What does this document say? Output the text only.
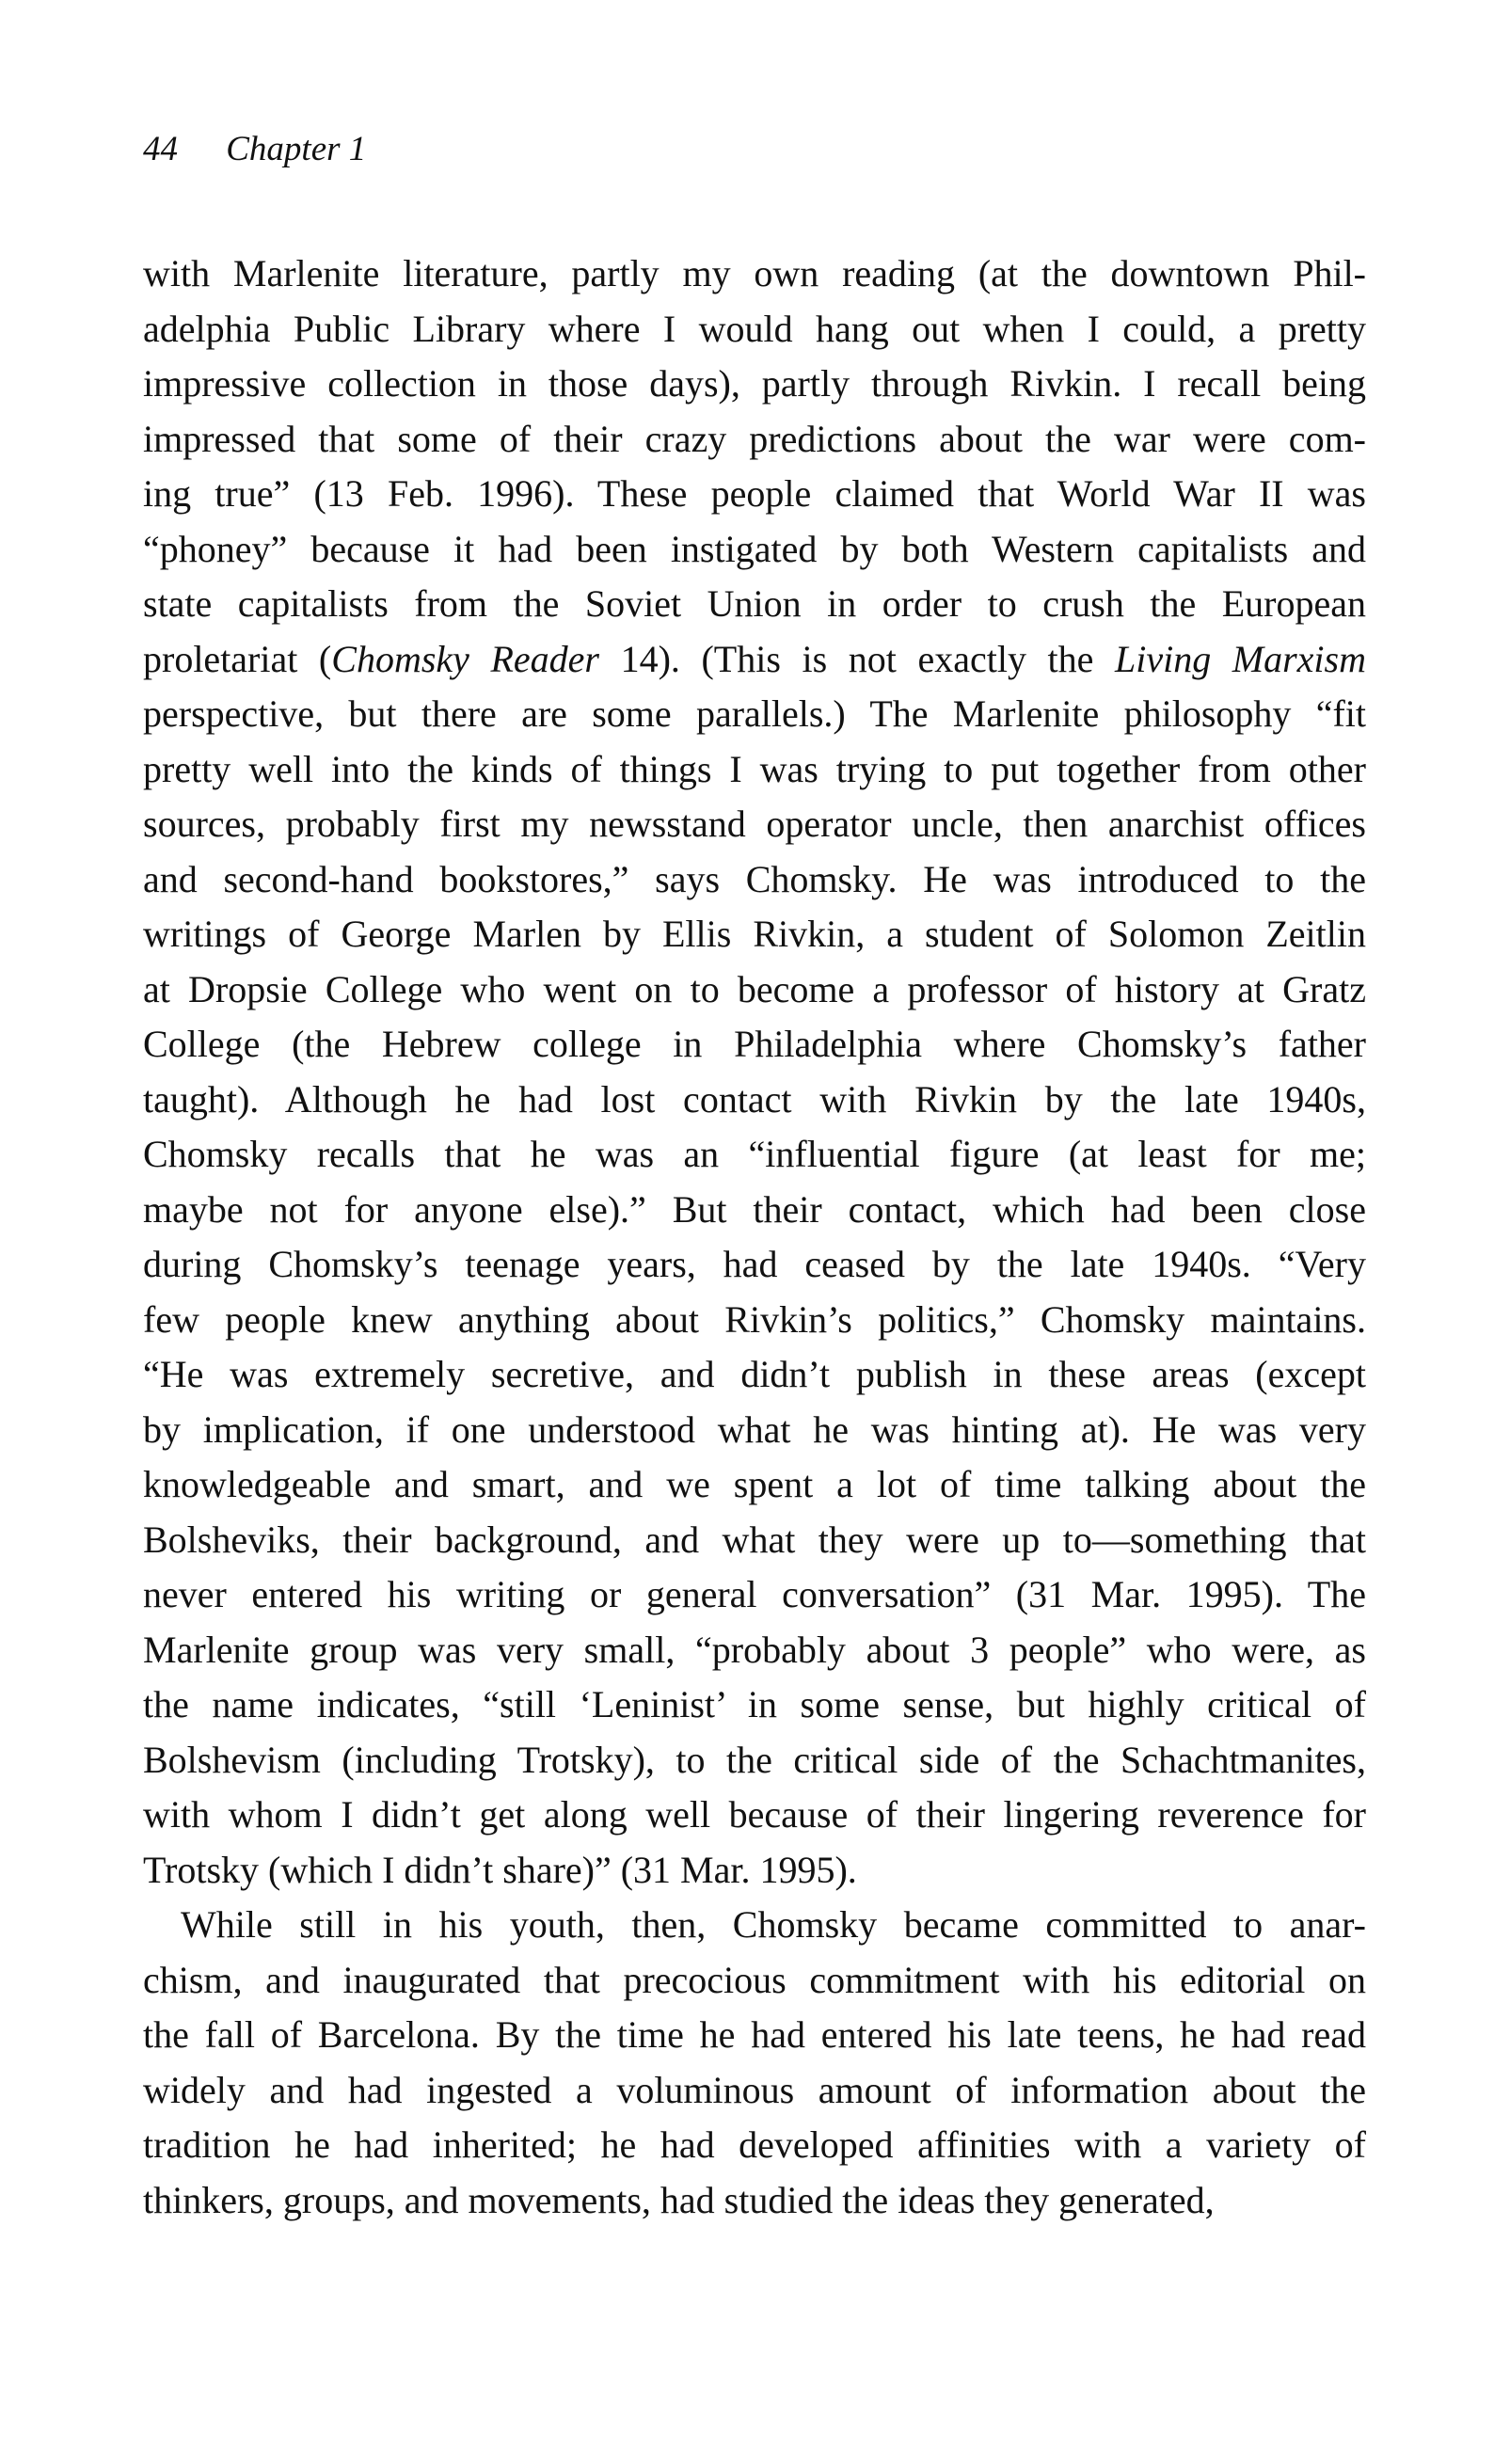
44 Chapter 1

with Marlenite literature, partly my own reading (at the downtown Phil-
adelphia Public Library where I would hang out when I could, a pretty
impressive collection in those days), partly through Rivkin. I recall being
impressed that some of their crazy predictions about the war were com-
ing true” (13 Feb. 1996). These people claimed that World War II was
“phoney” because it had been instigated by both Western capitalists and
state capitalists from the Soviet Union in order to crush the European
proletariat (Chomsky Reader 14). (This is not exactly the Living Marxism
perspective, but there are some parallels.) The Marlenite philosophy “fit
pretty well into the kinds of things I was trying to put together from other
sources, probably first my newsstand operator uncle, then anarchist offices
and second-hand bookstores,” says Chomsky. He was introduced to the
writings of George Marlen by Ellis Rivkin, a student of Solomon Zeitlin
at Dropsie College who went on to become a professor of history at Gratz
College (the Hebrew college in Philadelphia where Chomsky’s father
taught). Although he had lost contact with Rivkin by the late 1940s,
Chomsky recalls that he was an “influential figure (at least for me;
maybe not for anyone else).” But their contact, which had been close
during Chomsky’s teenage years, had ceased by the late 1940s. “Very
few people knew anything about Rivkin’s politics,” Chomsky maintains.
“He was extremely secretive, and didn’t publish in these areas (except
by implication, if one understood what he was hinting at). He was very
knowledgeable and smart, and we spent a lot of time talking about the
Bolsheviks, their background, and what they were up to—something that
never entered his writing or general conversation” (31 Mar. 1995). The
Marlenite group was very small, “probably about 3 people” who were, as
the name indicates, “still ‘Leninist’ in some sense, but highly critical of
Bolshevism (including Trotsky), to the critical side of the Schachtmanites,
with whom I didn’t get along well because of their lingering reverence for
Trotsky (which I didn’t share)” (31 Mar. 1995).

While still in his youth, then, Chomsky became committed to anar-
chism, and inaugurated that precocious commitment with his editorial on
the fall of Barcelona. By the time he had entered his late teens, he had read
widely and had ingested a voluminous amount of information about the
tradition he had inherited; he had developed affinities with a variety of
thinkers, groups, and movements, had studied the ideas they generated,
